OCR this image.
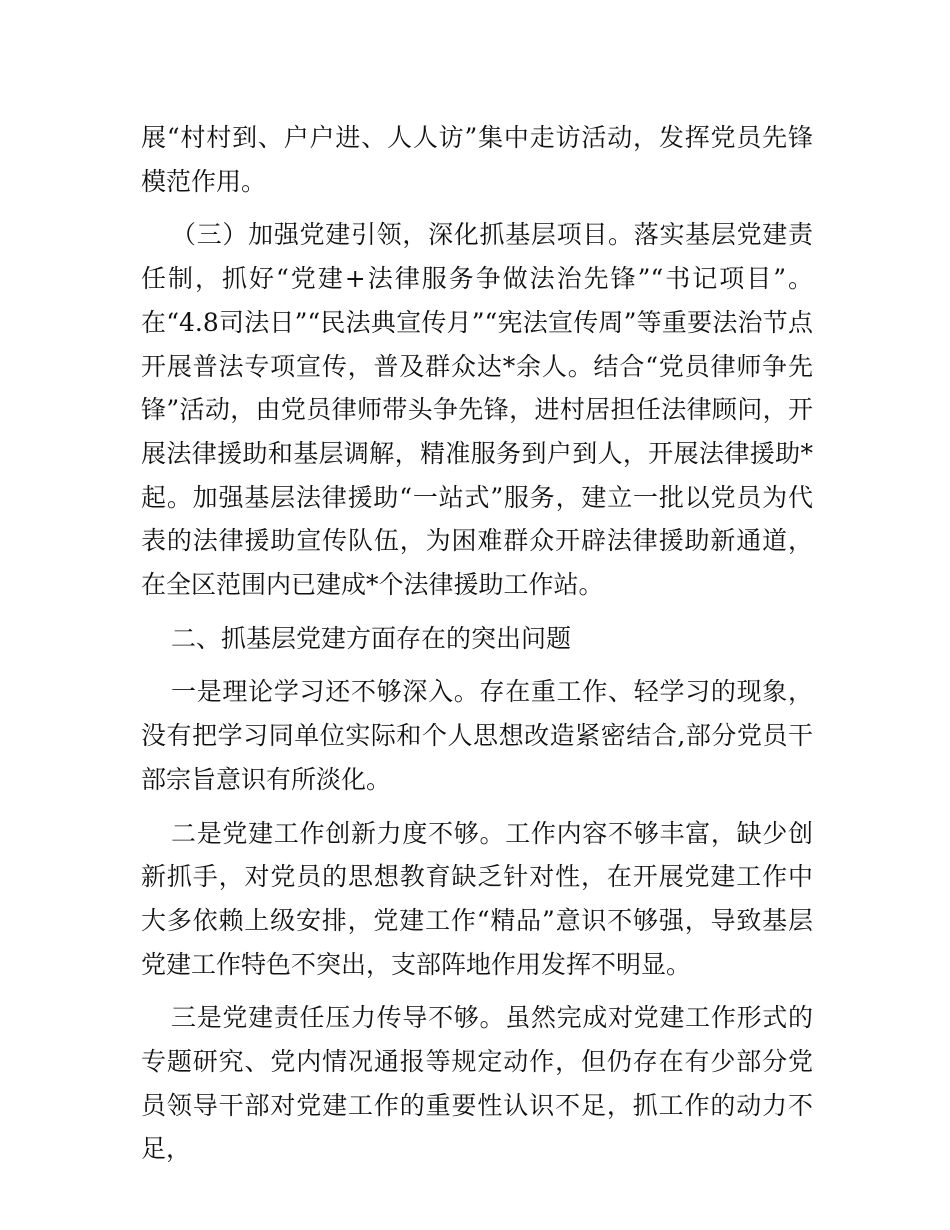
展“村村到、户户进、人人访”集中走访活动，发挥党员先锋模范作用。

（三）加强党建引领，深化抓基层项目。落实基层党建责任制，抓好“党建+法律服务争做法治先锋”“书记项目”。在“4.8司法日”“民法典宣传月”“宪法宣传周”等重要法治节点开展普法专项宣传，普及群众达*余人。结合“党员律师争先锋”活动，由党员律师带头争先锋，进村居担任法律顾问，开展法律援助和基层调解，精准服务到户到人，开展法律援助*起。加强基层法律援助“一站式”服务，建立一批以党员为代表的法律援助宣传队伍，为困难群众开辟法律援助新通道，在全区范围内已建成*个法律援助工作站。

二、抓基层党建方面存在的突出问题

一是理论学习还不够深入。存在重工作、轻学习的现象，没有把学习同单位实际和个人思想改造紧密结合,部分党员干部宗旨意识有所淡化。

二是党建工作创新力度不够。工作内容不够丰富，缺少创新抓手，对党员的思想教育缺乏针对性，在开展党建工作中大多依赖上级安排，党建工作“精品”意识不够强，导致基层党建工作特色不突出，支部阵地作用发挥不明显。

三是党建责任压力传导不够。虽然完成对党建工作形式的专题研究、党内情况通报等规定动作，但仍存在有少部分党员领导干部对党建工作的重要性认识不足，抓工作的动力不足，
